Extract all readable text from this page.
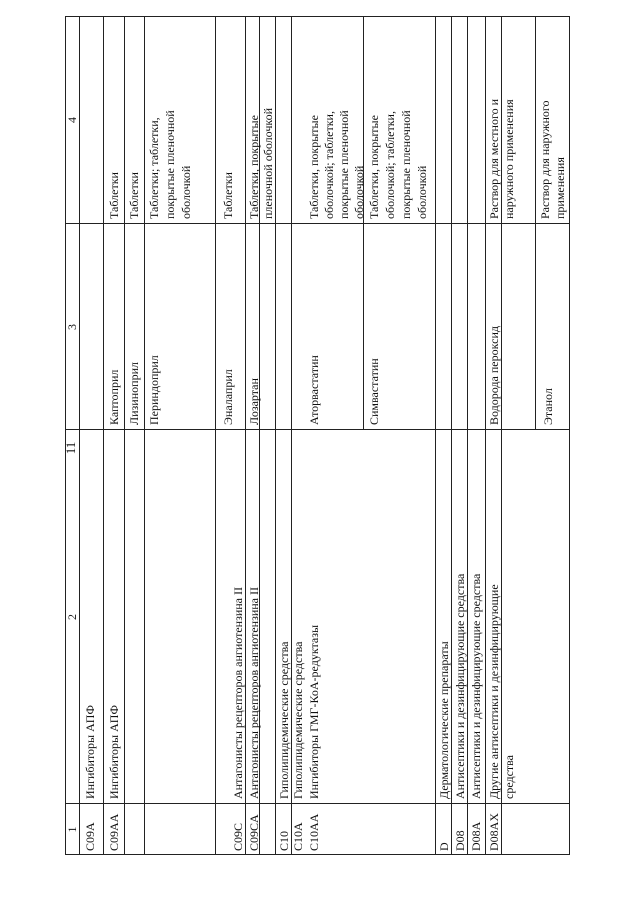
11
1
2
3
4
C09A
Ингибиторы АПФ
C09AA
Ингибиторы АПФ
Каптоприл
Таблетки
Лизиноприл
Таблетки
Периндоприл
Таблетки; таблетки, покрытые пленочной оболочкой
Эналаприл
Таблетки
C09C
Антагонисты рецепторов ангиотензина II
C09CA
Антагонисты рецепторов ангиотензина II
Лозартан
Таблетки, покрытые пленочной оболочкой
C10
Гиполипидемические средства
C10A
Гиполипидемические средства
C10AA
Ингибиторы ГМГ-КоА-редуктазы
Аторвастатин
Таблетки, покрытые оболочкой; таблетки, покрытые пленочной оболочкой
Симвастатин
Таблетки, покрытые оболочкой; таблетки, покрытые пленочной оболочкой
D
Дерматологические препараты
D08
Антисептики и дезинфицирующие средства
D08A
Антисептики и дезинфицирующие средства
D08AX
Другие антисептики и дезинфицирующие средства
Водорода пероксид
Раствор для местного и наружного применения
Этанол
Раствор для наружного применения
